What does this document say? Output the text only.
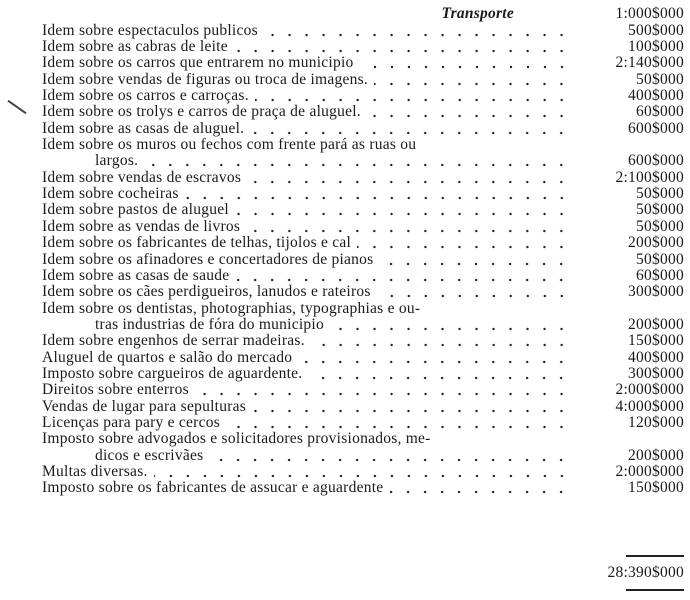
Transporte	1:000$000
Idem sobre espectaculos publicos	500$000
Idem sobre as cabras de leite	100$000
Idem sobre os carros que entrarem no municipio	2:140$000
Idem sobre vendas de figuras ou troca de imagens.	50$000
Idem sobre os carros e carroças.	400$000
Idem sobre os trolys e carros de praça de aluguel.	60$000
Idem sobre as casas de aluguel.	600$000
Idem sobre os muros ou fechos com frente pará as ruas ou
largos.	600$000
Idem sobre vendas de escravos	2:100$000
Idem sobre cocheiras	50$000
Idem sobre pastos de aluguel	50$000
Idem sobre as vendas de livros	50$000
Idem sobre os fabricantes de telhas, tijolos e cal	200$000
Idem sobre os afinadores e concertadores de pianos	50$000
Idem sobre as casas de saude	60$000
Idem sobre os cães perdigueiros, lanudos e rateiros	300$000
Idem sobre os dentistas, photographias, typographias e ou-
tras industrias de fóra do municipio	200$000
Idem sobre engenhos de serrar madeiras.	150$000
Aluguel de quartos e salão do mercado	400$000
Imposto sobre cargueiros de aguardente.	300$000
Direitos sobre enterros	2:000$000
Vendas de lugar para sepulturas	4:000$000
Licenças para pary e cercos	120$000
Imposto sobre advogados e solicitadores provisionados, me-
dicos e escrivães	200$000
Multas diversas.	2:000$000
Imposto sobre os fabricantes de assucar e aguardente	150$000
28:390$000
